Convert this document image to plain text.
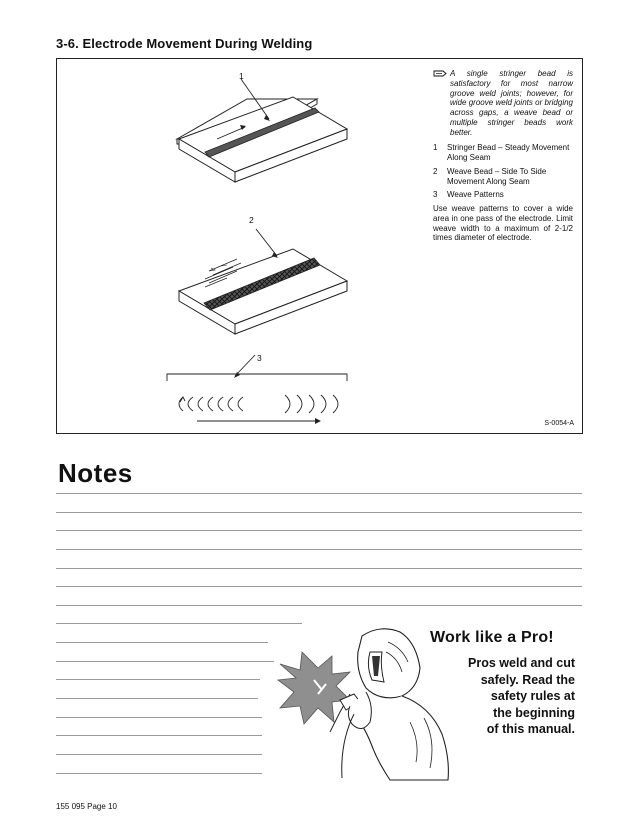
3-6. Electrode Movement During Welding
1
2
3
A single stringer bead is satisfactory for most narrow groove weld joints; however, for wide groove weld joints or bridging across gaps, a weave bead or multiple stringer beads work better.
1	Stringer Bead – Steady Movement Along Seam
2	Weave Bead – Side To Side Movement Along Seam
3	Weave Patterns
Use weave patterns to cover a wide area in one pass of the electrode. Limit weave width to a maximum of 2-1/2 times diameter of electrode.
S-0054-A
Notes
Work like a Pro!
Pros weld and cut
safely. Read the
safety rules at
the beginning
of this manual.
155 095 Page 10
